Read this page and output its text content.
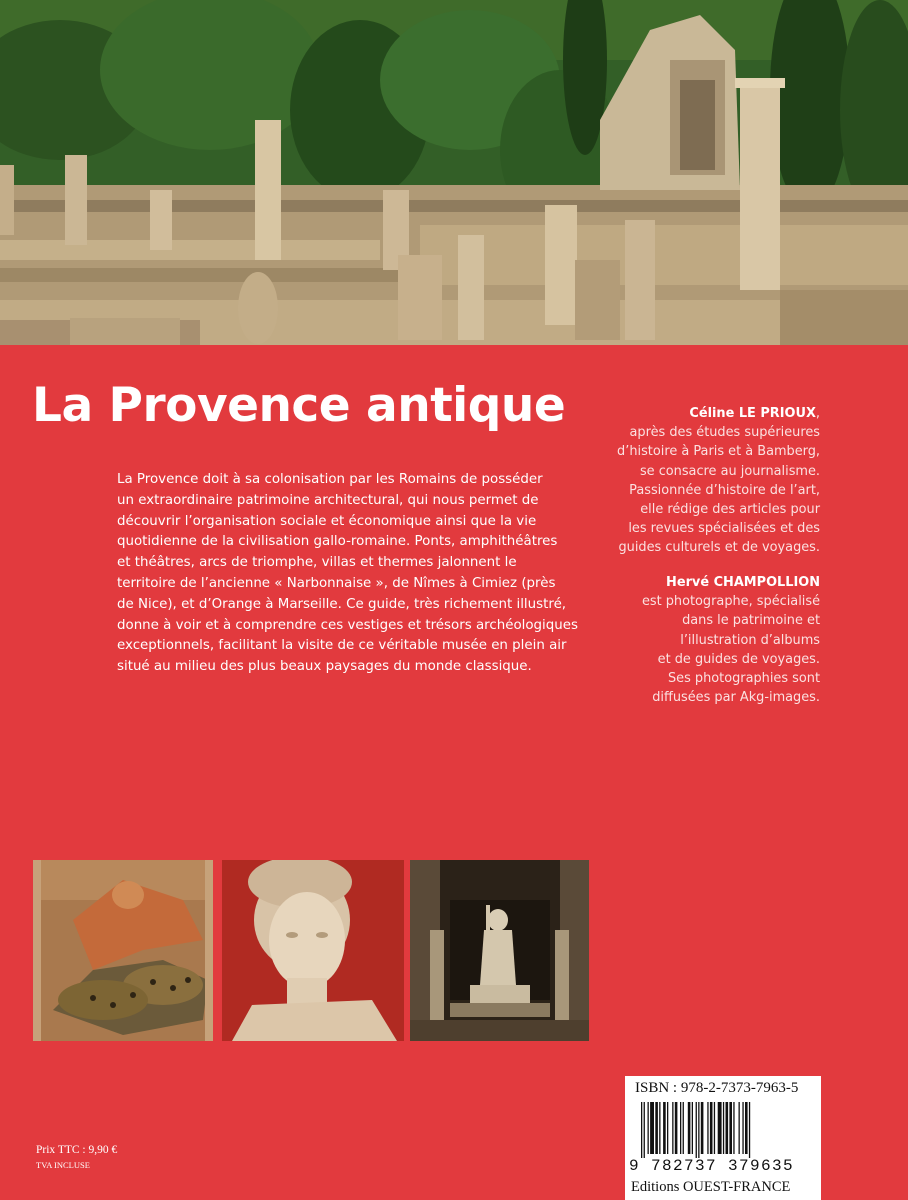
La Provence antique

La Provence doit à sa colonisation par les Romains de posséder
un extraordinaire patrimoine architectural, qui nous permet de
découvrir l’organisation sociale et économique ainsi que la vie
quotidienne de la civilisation gallo-romaine. Ponts, amphithéâtres
et théâtres, arcs de triomphe, villas et thermes jalonnent le
territoire de l’ancienne « Narbonnaise », de Nîmes à Cimiez (près
de Nice), et d’Orange à Marseille. Ce guide, très richement illustré,
donne à voir et à comprendre ces vestiges et trésors archéologiques
exceptionnels, facilitant la visite de ce véritable musée en plein air
situé au milieu des plus beaux paysages du monde classique.

Céline LE PRIOUX,
après des études supérieures
d’histoire à Paris et à Bamberg,
se consacre au journalisme.
Passionnée d’histoire de l’art,
elle rédige des articles pour
les revues spécialisées et des
guides culturels et de voyages.
Hervé CHAMPOLLION
est photographe, spécialisé
dans le patrimoine et
l’illustration d’albums
et de guides de voyages.
Ses photographies sont
diffusées par Akg-images.
Prix TTC : 9,90 €
TVA INCLUSE
ISBN : 978-2-7373-7963-5
9 782737 379635
Editions OUEST-FRANCE
